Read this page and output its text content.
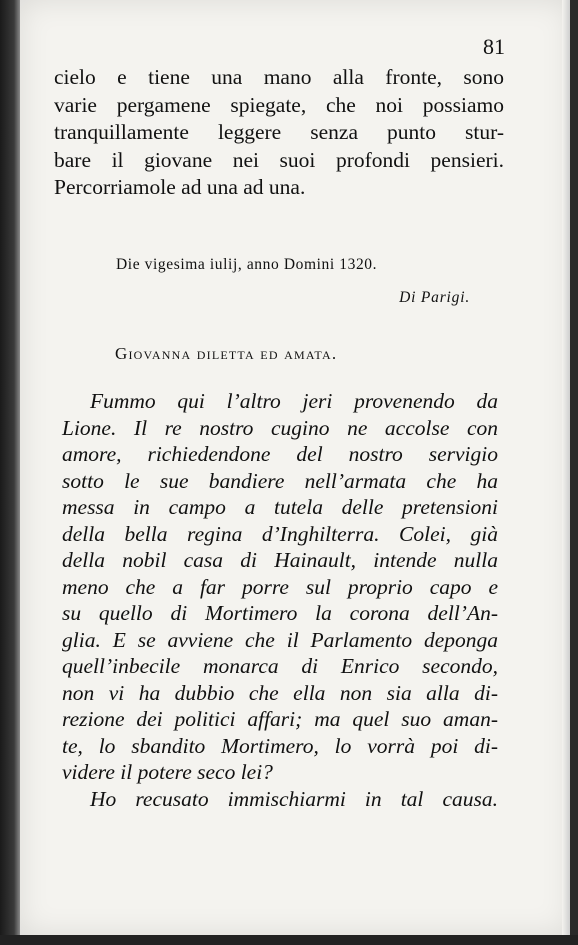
81
cielo e tiene una mano alla fronte, sono
varie pergamene spiegate, che noi possiamo
tranquillamente leggere senza punto stur-
bare il giovane nei suoi profondi pensieri.
Percorriamole ad una ad una.
Die vigesima iulij, anno Domini 1320.
Di Parigi.
Giovanna diletta ed amata.
Fummo qui l’altro jeri provenendo da
Lione. Il re nostro cugino ne accolse con
amore, richiedendone del nostro servigio
sotto le sue bandiere nell’armata che ha
messa in campo a tutela delle pretensioni
della bella regina d’Inghilterra. Colei, già
della nobil casa di Hainault, intende nulla
meno che a far porre sul proprio capo e
su quello di Mortimero la corona dell’An-
glia. E se avviene che il Parlamento deponga
quell’inbecile monarca di Enrico secondo,
non vi ha dubbio che ella non sia alla di-
rezione dei politici affari; ma quel suo aman-
te, lo sbandito Mortimero, lo vorrà poi di-
videre il potere seco lei?
Ho recusato immischiarmi in tal causa.
